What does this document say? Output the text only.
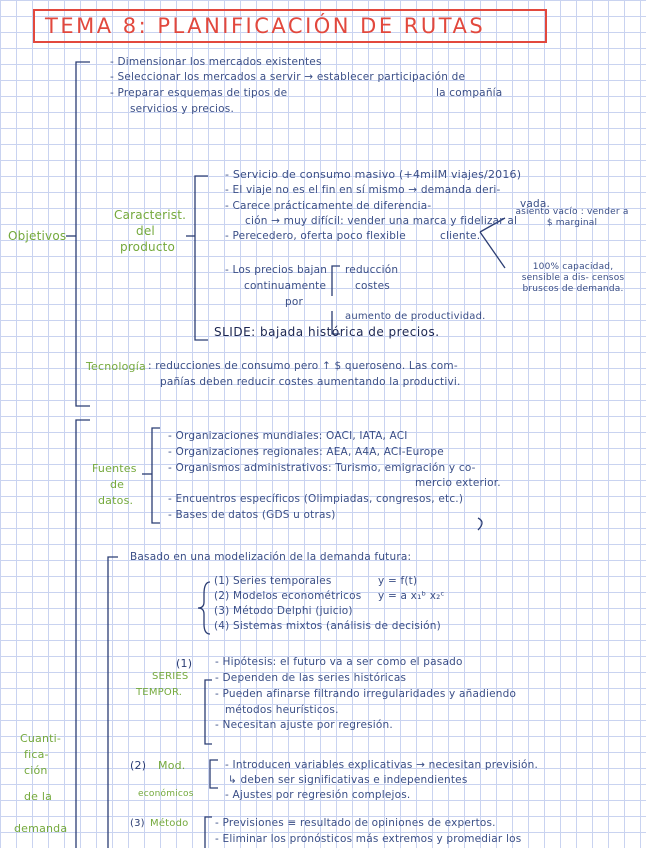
TEMA 8: PLANIFICACIÓN DE RUTAS
- Dimensionar los mercados existentes
- Seleccionar los mercados a servir → establecer participación de
- Preparar esquemas de tipos de	la compañía
servicios y precios.
Objetivos
Caracterist.
del
producto
- Servicio de consumo masivo (+4milM viajes/2016)
- El viaje no es el fin en sí mismo → demanda deri-
vada.
- Carece prácticamente de diferencia-
ción → muy difícil: vender una marca y fidelizar al
cliente.
- Perecedero, oferta poco flexible
asiento vacío : vender a $ marginal
- Los precios bajan
continuamente
por
reducción
costes
100% capacidad, sensible a dis- censos bruscos de demanda.
aumento de productividad.
SLIDE: bajada histórica de precios.
Tecnología : reducciones de consumo pero ↑ $ queroseno. Las com-
pañías deben reducir costes aumentando la productivi.
Cuanti-
fica-
ción
de la
demanda
Fuentes
de
datos.
- Organizaciones mundiales: OACI, IATA, ACI
- Organizaciones regionales: AEA, A4A, ACI-Europe
- Organismos administrativos: Turismo, emigración y co-
mercio exterior.
- Encuentros específicos (Olimpiadas, congresos, etc.)
- Bases de datos (GDS u otras)
Basado en una modelización de la demanda futura:
(1) Series temporales	y = f(t)
(2) Modelos econométricos y = a x₁ᵇ x₂ᶜ
(3) Método Delphi (juicio)
(4) Sistemas mixtos (análisis de decisión)
(1)
SERIES
TEMPOR.
- Hipótesis: el futuro va a ser como el pasado
- Dependen de las series históricas
- Pueden afinarse filtrando irregularidades y añadiendo
métodos heurísticos.
- Necesitan ajuste por regresión.
(2) Mod.
económicos
- Introducen variables explicativas → necesitan previsión.
↳ deben ser significativas e independientes
- Ajustes por regresión complejos.
(3) Método	- Previsiones ≡ resultado de opiniones de expertos.
- Eliminar los pronósticos más extremos y promediar los
